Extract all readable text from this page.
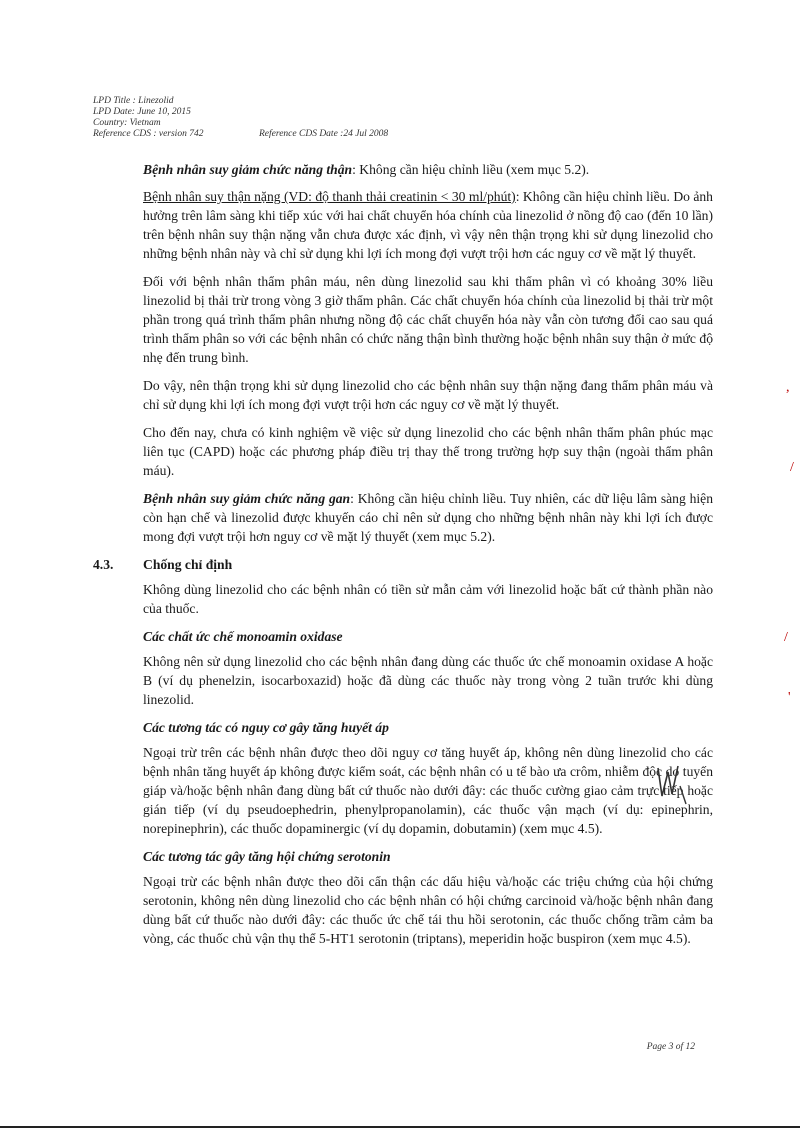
LPD Title : Linezolid
LPD Date: June 10, 2015
Country: Vietnam
Reference CDS : version 742	Reference CDS Date :24 Jul 2008

Bệnh nhân suy giảm chức năng thận: Không cần hiệu chỉnh liều (xem mục 5.2).

Bệnh nhân suy thận nặng (VD: độ thanh thải creatinin < 30 ml/phút): Không cần hiệu chỉnh liều. Do ảnh hưởng trên lâm sàng khi tiếp xúc với hai chất chuyển hóa chính của linezolid ở nồng độ cao (đến 10 lần) trên bệnh nhân suy thận nặng vẫn chưa được xác định, vì vậy nên thận trọng khi sử dụng linezolid cho những bệnh nhân này và chỉ sử dụng khi lợi ích mong đợi vượt trội hơn các nguy cơ về mặt lý thuyết.

Đối với bệnh nhân thẩm phân máu, nên dùng linezolid sau khi thẩm phân vì có khoảng 30% liều linezolid bị thải trừ trong vòng 3 giờ thẩm phân. Các chất chuyển hóa chính của linezolid bị thải trừ một phần trong quá trình thẩm phân nhưng nồng độ các chất chuyển hóa này vẫn còn tương đối cao sau quá trình thẩm phân so với các bệnh nhân có chức năng thận bình thường hoặc bệnh nhân suy thận ở mức độ nhẹ đến trung bình.

Do vậy, nên thận trọng khi sử dụng linezolid cho các bệnh nhân suy thận nặng đang thẩm phân máu và chỉ sử dụng khi lợi ích mong đợi vượt trội hơn các nguy cơ về mặt lý thuyết.

Cho đến nay, chưa có kinh nghiệm về việc sử dụng linezolid cho các bệnh nhân thẩm phân phúc mạc liên tục (CAPD) hoặc các phương pháp điều trị thay thế trong trường hợp suy thận (ngoài thẩm phân máu).

Bệnh nhân suy giảm chức năng gan: Không cần hiệu chỉnh liều. Tuy nhiên, các dữ liệu lâm sàng hiện còn hạn chế và linezolid được khuyến cáo chỉ nên sử dụng cho những bệnh nhân này khi lợi ích được mong đợi vượt trội hơn nguy cơ về mặt lý thuyết (xem mục 5.2).

4.3. Chống chỉ định

Không dùng linezolid cho các bệnh nhân có tiền sử mẫn cảm với linezolid hoặc bất cứ thành phần nào của thuốc.

Các chất ức chế monoamin oxidase

Không nên sử dụng linezolid cho các bệnh nhân đang dùng các thuốc ức chế monoamin oxidase A hoặc B (ví dụ phenelzin, isocarboxazid) hoặc đã dùng các thuốc này trong vòng 2 tuần trước khi dùng linezolid.

Các tương tác có nguy cơ gây tăng huyết áp

Ngoại trừ trên các bệnh nhân được theo dõi nguy cơ tăng huyết áp, không nên dùng linezolid cho các bệnh nhân tăng huyết áp không được kiểm soát, các bệnh nhân có u tế bào ưa crôm, nhiễm độc do tuyến giáp và/hoặc bệnh nhân đang dùng bất cứ thuốc nào dưới đây: các thuốc cường giao cảm trực tiếp hoặc gián tiếp (ví dụ pseudoephedrin, phenylpropanolamin), các thuốc vận mạch (ví dụ: epinephrin, norepinephrin), các thuốc dopaminergic (ví dụ dopamin, dobutamin) (xem mục 4.5).

Các tương tác gây tăng hội chứng serotonin

Ngoại trừ các bệnh nhân được theo dõi cẩn thận các dấu hiệu và/hoặc các triệu chứng của hội chứng serotonin, không nên dùng linezolid cho các bệnh nhân có hội chứng carcinoid và/hoặc bệnh nhân đang dùng bất cứ thuốc nào dưới đây: các thuốc ức chế tái thu hồi serotonin, các thuốc chống trầm cảm ba vòng, các thuốc chủ vận thụ thể 5-HT1 serotonin (triptans), meperidin hoặc buspiron (xem mục 4.5).

,
/
/
'
Page 3 of 12
